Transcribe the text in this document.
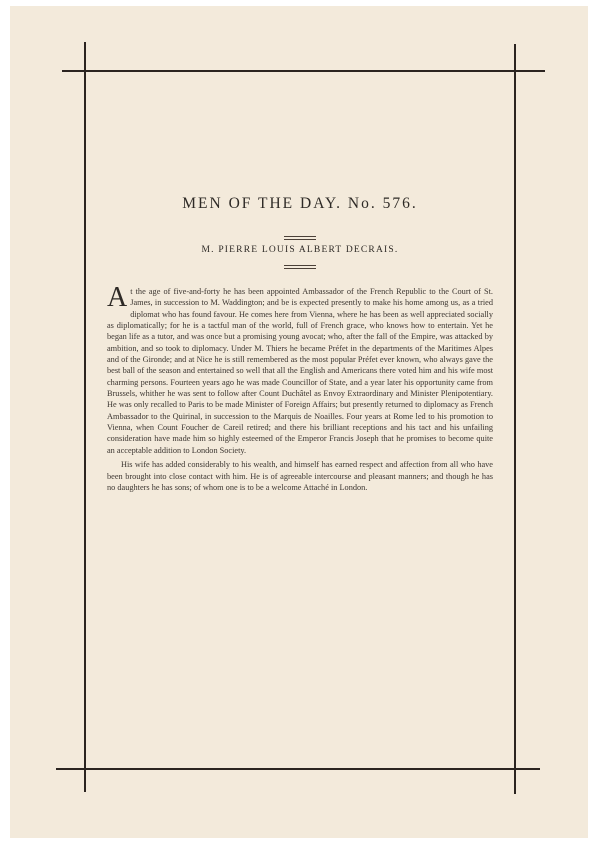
MEN OF THE DAY. No. 576.
M. PIERRE LOUIS ALBERT DECRAIS.

At the age of five-and-forty he has been appointed Ambassador of the French Republic to the Court of St. James, in succession to M. Waddington; and be is expected presently to make his home among us, as a tried diplomat who has found favour. He comes here from Vienna, where he has been as well appreciated socially as diplomatically; for he is a tactful man of the world, full of French grace, who knows how to entertain. Yet he began life as a tutor, and was once but a promising young avocat; who, after the fall of the Empire, was attacked by ambition, and so took to diplomacy. Under M. Thiers he became Préfet in the departments of the Maritimes Alpes and of the Gironde; and at Nice he is still remembered as the most popular Préfet ever known, who always gave the best ball of the season and entertained so well that all the English and Americans there voted him and his wife most charming persons. Fourteen years ago he was made Councillor of State, and a year later his opportunity came from Brussels, whither he was sent to follow after Count Duchâtel as Envoy Extraordinary and Minister Plenipotentiary. He was only recalled to Paris to be made Minister of Foreign Affairs; but presently returned to diplomacy as French Ambassador to the Quirinal, in succession to the Marquis de Noailles. Four years at Rome led to his promotion to Vienna, when Count Foucher de Careil retired; and there his brilliant receptions and his tact and his unfailing consideration have made him so highly esteemed of the Emperor Francis Joseph that he promises to become quite an acceptable addition to London Society.

His wife has added considerably to his wealth, and himself has earned respect and affection from all who have been brought into close contact with him. He is of agreeable intercourse and pleasant manners; and though he has no daughters he has sons; of whom one is to be a welcome Attaché in London.
